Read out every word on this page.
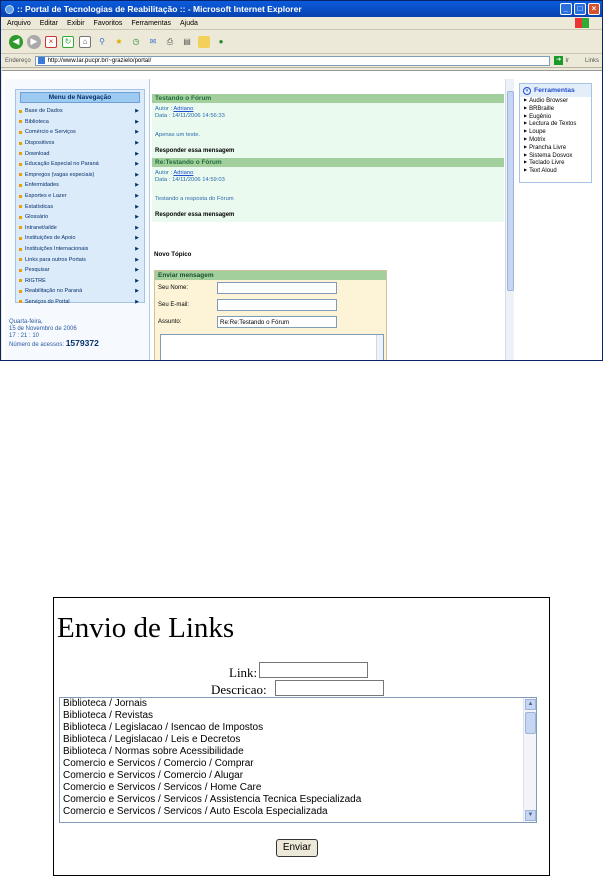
:: Portal de Tecnologias de Reabilitação :: - Microsoft Internet Explorer	_	□	×
Arquivo Editar Exibir Favoritos Ferramentas Ajuda
◀	▶	×	↻	⌂	⚲	★	◷	✉	⎙	▤	●
Endereço	http://www.lar.pucpr.br/~grazielo/portal/	➜ Ir	Links
Menu de Navegação
Base de Dados	▶
Biblioteca	▶
Comércio e Serviços	▶
Dispositivos	▶
Download	▶
Educação Especial no Paraná	▶
Empregos (vagas especiais)	▶
Enfermidades	▶
Esportes e Lazer	▶
Estatísticas	▶
Glossário	▶
Intranet/ailde	▶
Instituições de Apoio	▶
Instituições Internacionais	▶
Links para outros Portais	▶
Pesquisar	▶
RIGTRE	▶
Reabilitação no Paraná	▶
Serviços do Portal	▶
Quarta-feira,
15 de Novembro de 2006
17 : 21 : 10
Número de acessos: 1579372
Testando o Fórum
Autor : Adriano
Data : 14/11/2006 14:56:33
Apenas um teste.
Responder essa mensagem
Re:Testando o Fórum
Autor : Adriano
Data : 14/11/2006 14:59:03
Testando a resposta do Fórum
Responder essa mensagem
Novo Tópico
Enviar mensagem
Seu Nome:
Seu E-mail:
Assunto:	Re:Re:Testando o Fórum
˅ Ferramentas
▶ Audio Browser
▶ BRBraille
▶ Eugênio
▶ Lectura de Textos
▶ Loupe
▶ Motrix
▶ Prancha Livre
▶ Sistema Dosvox
▶ Teclado Livre
▶ Text Aloud
Envio de Links
Link:
Descricao:
Biblioteca / Jornais
Biblioteca / Revistas
Biblioteca / Legislacao / Isencao de Impostos
Biblioteca / Legislacao / Leis e Decretos
Biblioteca / Normas sobre Acessibilidade
Comercio e Servicos / Comercio / Comprar
Comercio e Servicos / Comercio / Alugar
Comercio e Servicos / Servicos / Home Care
Comercio e Servicos / Servicos / Assistencia Tecnica Especializada
Comercio e Servicos / Servicos / Auto Escola Especializada
▲
▼
Enviar
